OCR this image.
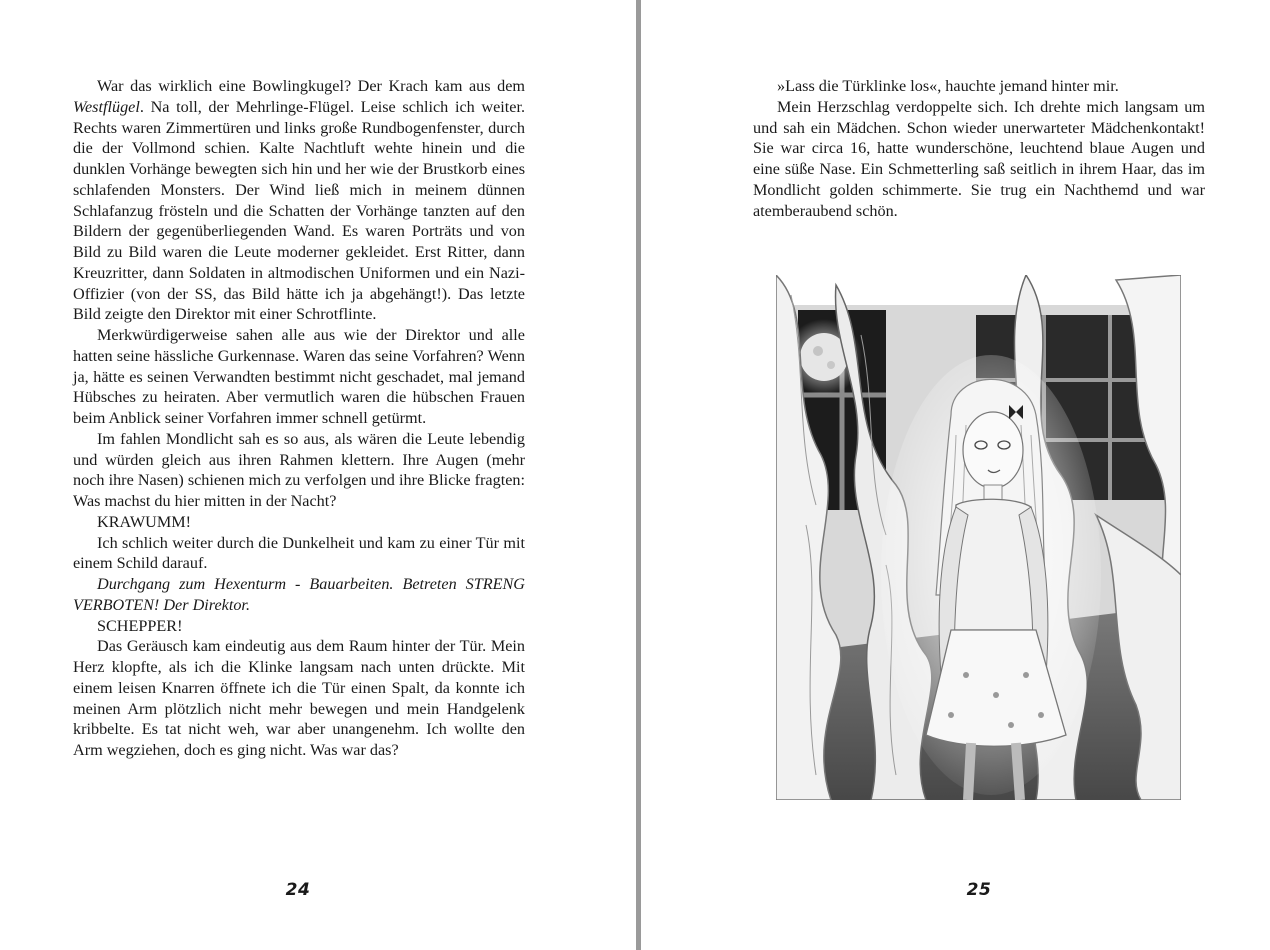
War das wirklich eine Bowlingkugel? Der Krach kam aus dem Westflügel. Na toll, der Mehrlinge-Flügel. Leise schlich ich weiter. Rechts waren Zimmertüren und links große Rundbogenfenster, durch die der Vollmond schien. Kalte Nachtluft wehte hinein und die dunklen Vorhänge bewegten sich hin und her wie der Brustkorb eines schlafenden Monsters. Der Wind ließ mich in meinem dünnen Schlafanzug frösteln und die Schatten der Vorhänge tanzten auf den Bildern der gegenüberliegenden Wand. Es waren Porträts und von Bild zu Bild waren die Leute moderner gekleidet. Erst Ritter, dann Kreuzritter, dann Soldaten in altmodischen Uniformen und ein Nazi-Offizier (von der SS, das Bild hätte ich ja abgehängt!). Das letzte Bild zeigte den Direktor mit einer Schrotflinte.

Merkwürdigerweise sahen alle aus wie der Direktor und alle hatten seine hässliche Gurkennase. Waren das seine Vorfahren? Wenn ja, hätte es seinen Verwandten bestimmt nicht geschadet, mal jemand Hübsches zu heiraten. Aber vermutlich waren die hübschen Frauen beim Anblick seiner Vorfahren immer schnell getürmt.

Im fahlen Mondlicht sah es so aus, als wären die Leute lebendig und würden gleich aus ihren Rahmen klettern. Ihre Augen (mehr noch ihre Nasen) schienen mich zu verfolgen und ihre Blicke fragten: Was machst du hier mitten in der Nacht?

KRAWUMM!

Ich schlich weiter durch die Dunkelheit und kam zu einer Tür mit einem Schild darauf.

Durchgang zum Hexenturm - Bauarbeiten. Betreten STRENG VERBOTEN! Der Direktor.

SCHEPPER!

Das Geräusch kam eindeutig aus dem Raum hinter der Tür. Mein Herz klopfte, als ich die Klinke langsam nach unten drückte. Mit einem leisen Knarren öffnete ich die Tür einen Spalt, da konnte ich meinen Arm plötzlich nicht mehr bewegen und mein Handgelenk kribbelte. Es tat nicht weh, war aber unangenehm. Ich wollte den Arm wegziehen, doch es ging nicht. Was war das?

24

»Lass die Türklinke los«, hauchte jemand hinter mir.

Mein Herzschlag verdoppelte sich. Ich drehte mich langsam um und sah ein Mädchen. Schon wieder unerwarteter Mädchenkontakt! Sie war circa 16, hatte wunderschöne, leuchtend blaue Augen und eine süße Nase. Ein Schmetterling saß seitlich in ihrem Haar, das im Mondlicht golden schimmerte. Sie trug ein Nachthemd und war atemberaubend schön.

25
